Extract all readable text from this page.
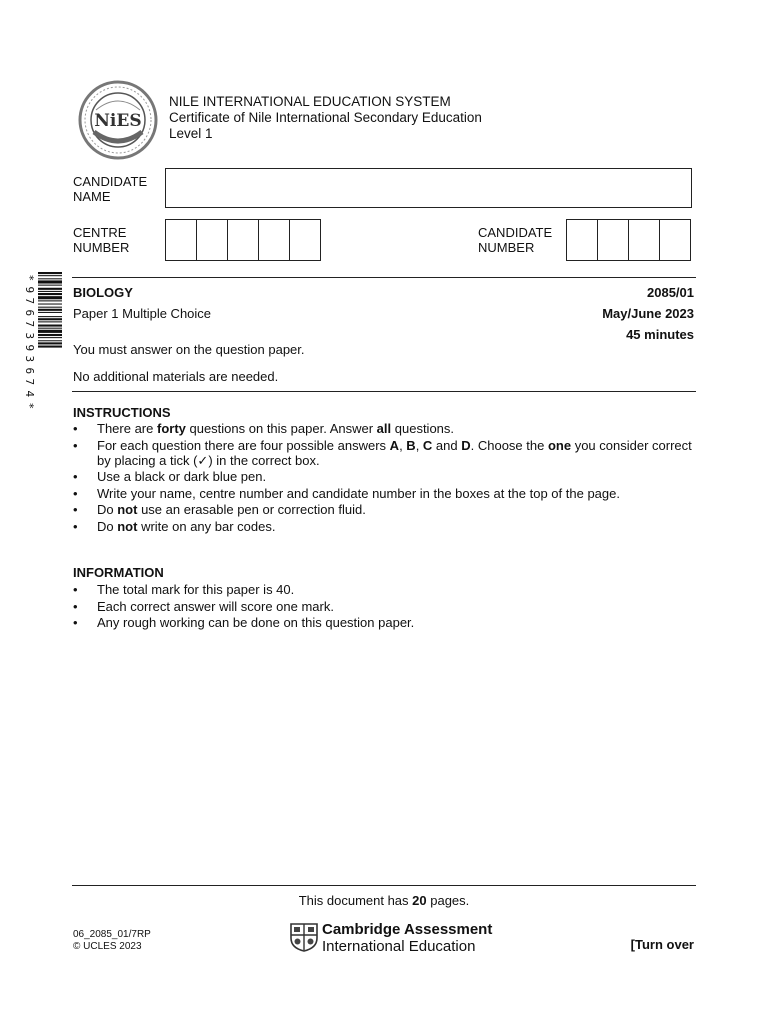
NiES
NILE INTERNATIONAL EDUCATION SYSTEM
Certificate of Nile International Secondary Education
Level 1
CANDIDATE
NAME
CENTRE
NUMBER
CANDIDATE
NUMBER
*
9
7
6
7
3
9
3
6
7
4
*
BIOLOGY	2085/01
Paper 1 Multiple Choice	May/June 2023
45 minutes
You must answer on the question paper.
No additional materials are needed.
INSTRUCTIONS
• There are forty questions on this paper. Answer all questions.
• For each question there are four possible answers A, B, C and D. Choose the one you consider correct by placing a tick (✓) in the correct box.
• Use a black or dark blue pen.
• Write your name, centre number and candidate number in the boxes at the top of the page.
• Do not use an erasable pen or correction fluid.
• Do not write on any bar codes.
INFORMATION
• The total mark for this paper is 40.
• Each correct answer will score one mark.
• Any rough working can be done on this question paper.
This document has 20 pages.
06_2085_01/7RP
© UCLES 2023
Cambridge Assessment
International Education	[Turn over
